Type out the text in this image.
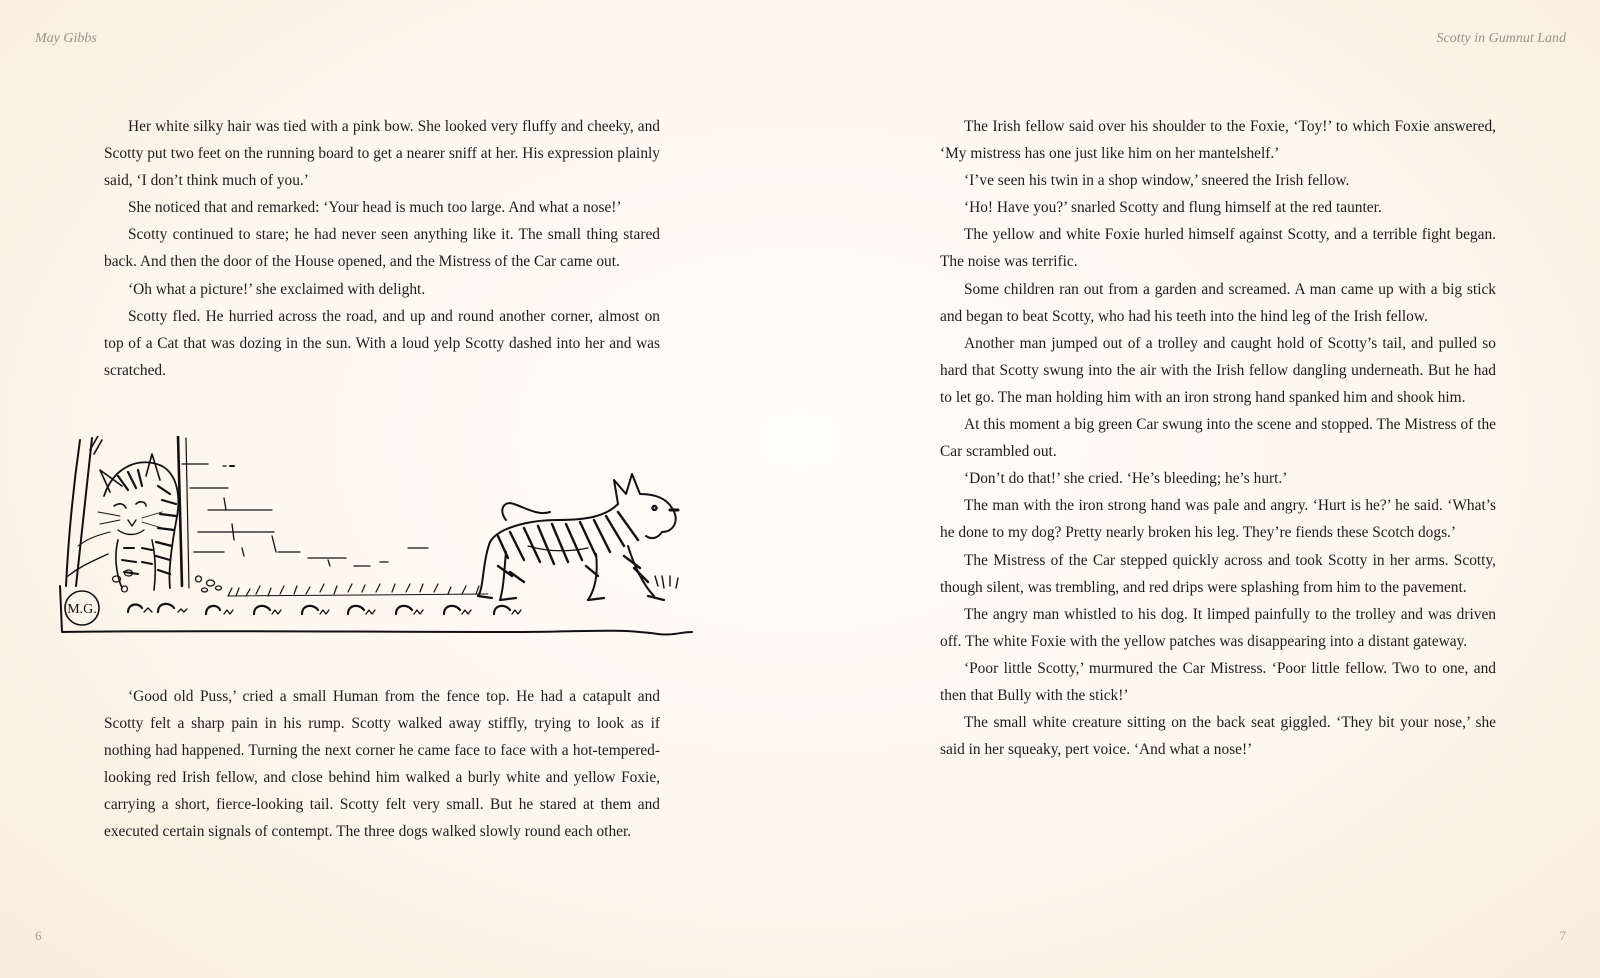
May Gibbs	Scotty in Gumnut Land

Her white silky hair was tied with a pink bow. She looked very fluffy and cheeky, and Scotty put two feet on the running board to get a nearer sniff at her. His expression plainly said, ‘I don’t think much of you.’

She noticed that and remarked: ‘Your head is much too large. And what a nose!’

Scotty continued to stare; he had never seen anything like it. The small thing stared back. And then the door of the House opened, and the Mistress of the Car came out.

‘Oh what a picture!’ she exclaimed with delight.

Scotty fled. He hurried across the road, and up and round another corner, almost on top of a Cat that was dozing in the sun. With a loud yelp Scotty dashed into her and was scratched.

M.G.

‘Good old Puss,’ cried a small Human from the fence top. He had a catapult and Scotty felt a sharp pain in his rump. Scotty walked away stiffly, trying to look as if nothing had happened. Turning the next corner he came face to face with a hot-tempered-looking red Irish fellow, and close behind him walked a burly white and yellow Foxie, carrying a short, fierce-looking tail. Scotty felt very small. But he stared at them and executed certain signals of contempt. The three dogs walked slowly round each other.

The Irish fellow said over his shoulder to the Foxie, ‘Toy!’ to which Foxie answered, ‘My mistress has one just like him on her mantelshelf.’

‘I’ve seen his twin in a shop window,’ sneered the Irish fellow.

‘Ho! Have you?’ snarled Scotty and flung himself at the red taunter.

The yellow and white Foxie hurled himself against Scotty, and a terrible fight began. The noise was terrific.

Some children ran out from a garden and screamed. A man came up with a big stick and began to beat Scotty, who had his teeth into the hind leg of the Irish fellow.

Another man jumped out of a trolley and caught hold of Scotty’s tail, and pulled so hard that Scotty swung into the air with the Irish fellow dangling underneath. But he had to let go. The man holding him with an iron strong hand spanked him and shook him.

At this moment a big green Car swung into the scene and stopped. The Mistress of the Car scrambled out.

‘Don’t do that!’ she cried. ‘He’s bleeding; he’s hurt.’

The man with the iron strong hand was pale and angry. ‘Hurt is he?’ he said. ‘What’s he done to my dog? Pretty nearly broken his leg. They’re fiends these Scotch dogs.’

The Mistress of the Car stepped quickly across and took Scotty in her arms. Scotty, though silent, was trembling, and red drips were splashing from him to the pavement.

The angry man whistled to his dog. It limped painfully to the trolley and was driven off. The white Foxie with the yellow patches was disappearing into a distant gateway.

‘Poor little Scotty,’ murmured the Car Mistress. ‘Poor little fellow. Two to one, and then that Bully with the stick!’

The small white creature sitting on the back seat giggled. ‘They bit your nose,’ she said in her squeaky, pert voice. ‘And what a nose!’

6	7
